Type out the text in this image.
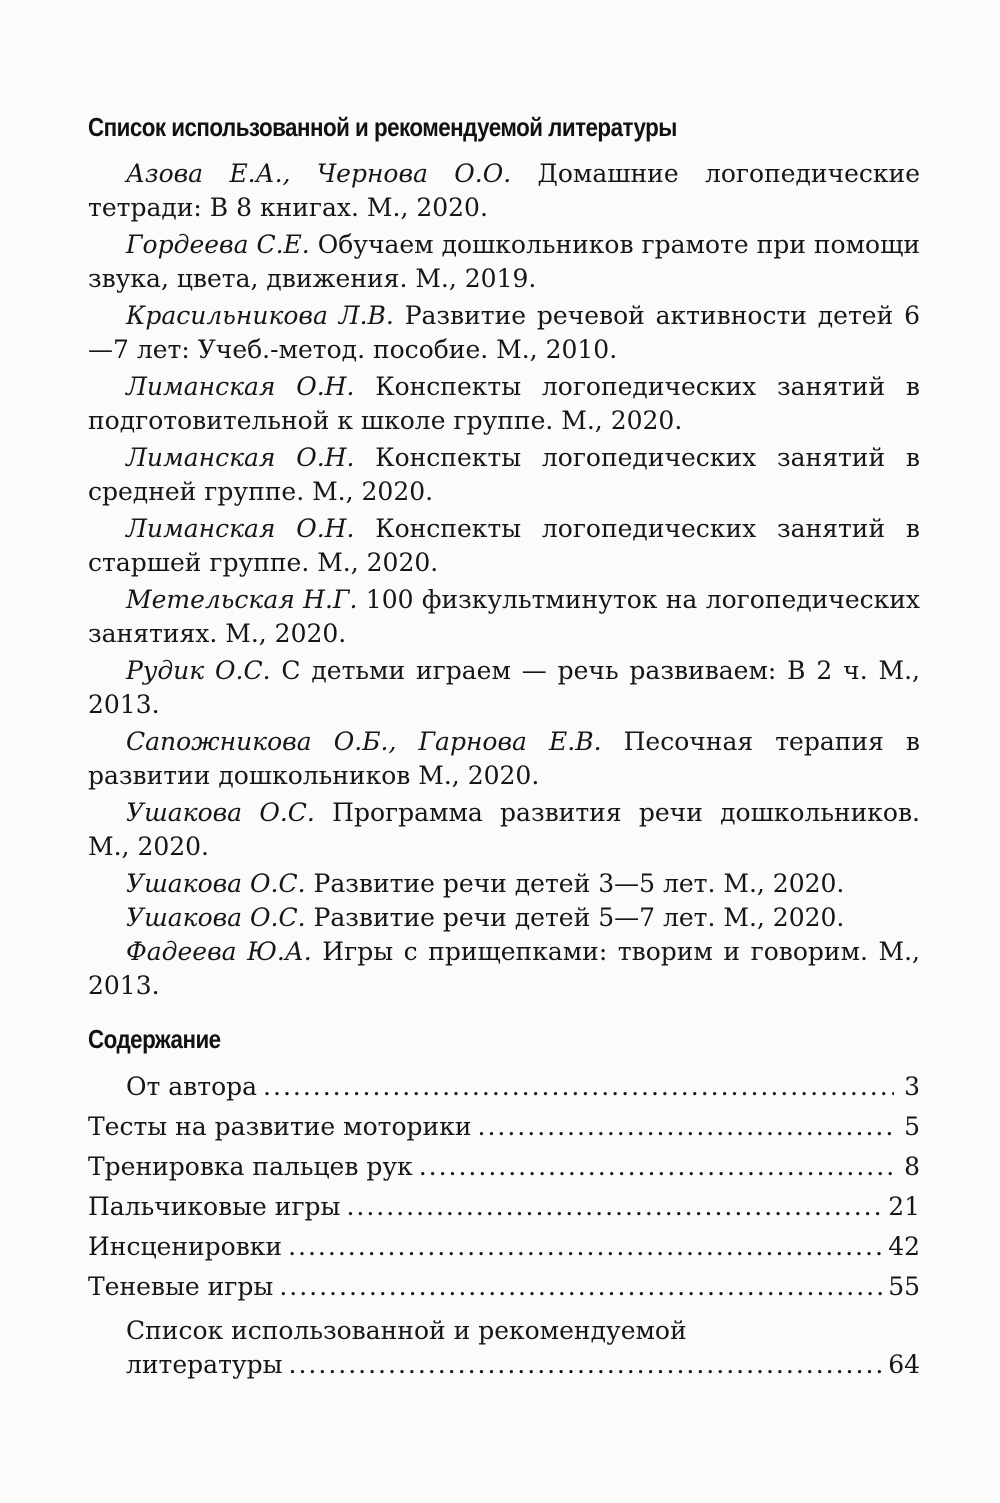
Список использованной и рекомендуемой литературы

Азова Е.А., Чернова О.О. Домашние логопедические тетради: В 8 книгах. М., 2020.

Гордеева С.Е. Обучаем дошкольников грамоте при помощи звука, цвета, движения. М., 2019.

Красильникова Л.В. Развитие речевой активности детей 6—7 лет: Учеб.-метод. пособие. М., 2010.

Лиманская О.Н. Конспекты логопедических занятий в подготовительной к школе группе. М., 2020.

Лиманская О.Н. Конспекты логопедических занятий в средней группе. М., 2020.

Лиманская О.Н. Конспекты логопедических занятий в старшей группе. М., 2020.

Метельская Н.Г. 100 физкультминуток на логопедических занятиях. М., 2020.

Рудик О.С. С детьми играем — речь развиваем: В 2 ч. М., 2013.

Сапожникова О.Б., Гарнова Е.В. Песочная терапия в развитии дошкольников М., 2020.

Ушакова О.С. Программа развития речи дошкольников. М., 2020.

Ушакова О.С. Развитие речи детей 3—5 лет. М., 2020.

Ушакова О.С. Развитие речи детей 5—7 лет. М., 2020.

Фадеева Ю.А. Игры с прищепками: творим и говорим. М., 2013.

Содержание
От автора .....	3
Тесты на развитие моторики .....	5
Тренировка пальцев рук .....	8
Пальчиковые игры .....	21
Инсценировки .....	42
Теневые игры .....	55
Список использованной и рекомендуемой
литературы .....	64
